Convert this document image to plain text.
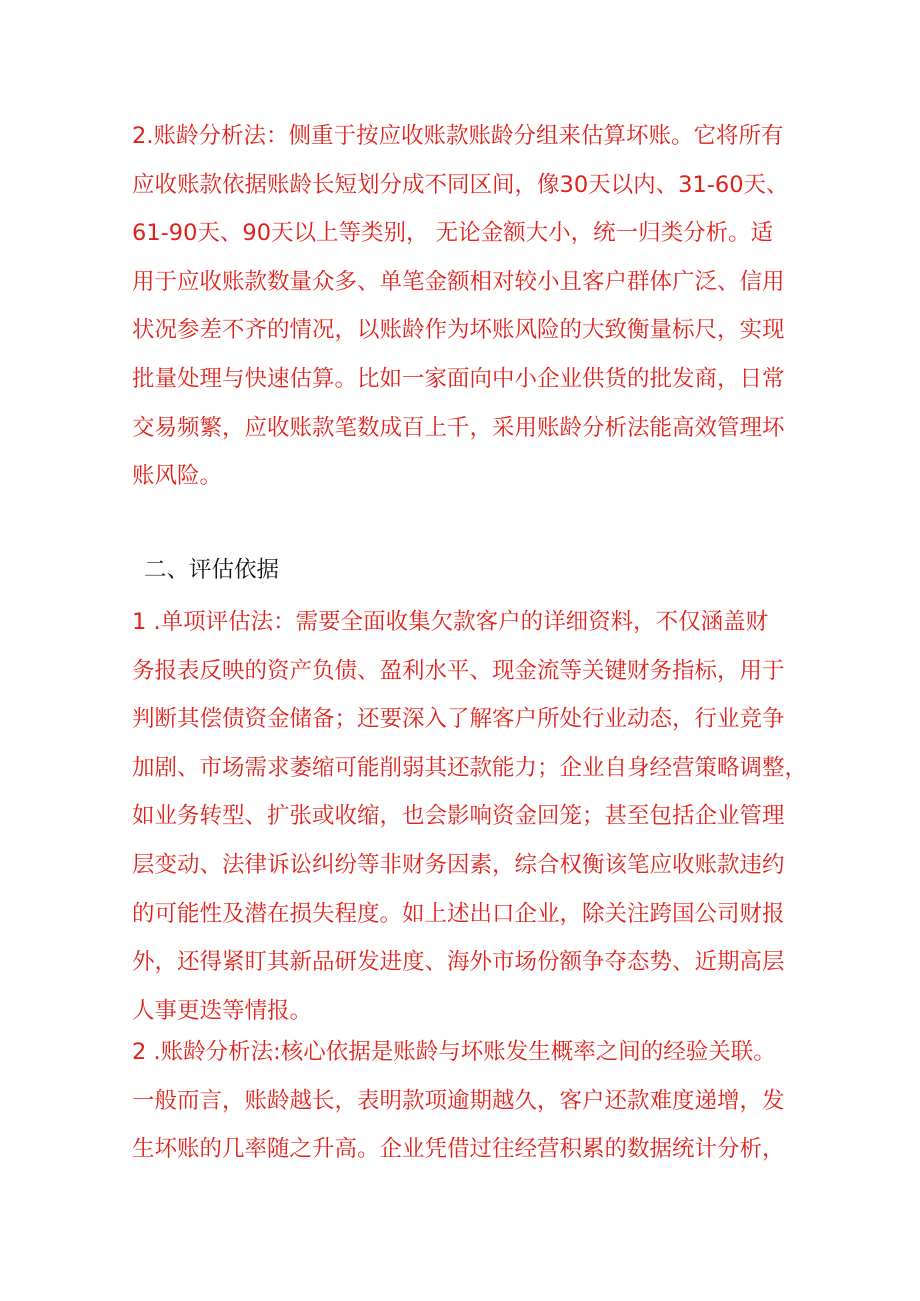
2.账龄分析法：侧重于按应收账款账龄分组来估算坏账。它将所有
应收账款依据账龄长短划分成不同区间，像30天以内、31-60天、
61-90天、90天以上等类别， 无论金额大小，统一归类分析。适
用于应收账款数量众多、单笔金额相对较小且客户群体广泛、信用
状况参差不齐的情况，以账龄作为坏账风险的大致衡量标尺，实现
批量处理与快速估算。比如一家面向中小企业供货的批发商，日常
交易频繁，应收账款笔数成百上千，采用账龄分析法能高效管理坏
账风险。
二、评估依据
1 .单项评估法：需要全面收集欠款客户的详细资料，不仅涵盖财
务报表反映的资产负债、盈利水平、现金流等关键财务指标，用于
判断其偿债资金储备；还要深入了解客户所处行业动态，行业竞争
加剧、市场需求萎缩可能削弱其还款能力；企业自身经营策略调整，
如业务转型、扩张或收缩，也会影响资金回笼；甚至包括企业管理
层变动、法律诉讼纠纷等非财务因素，综合权衡该笔应收账款违约
的可能性及潜在损失程度。如上述出口企业，除关注跨国公司财报
外，还得紧盯其新品研发进度、海外市场份额争夺态势、近期高层
人事更迭等情报。
2 .账龄分析法:核心依据是账龄与坏账发生概率之间的经验关联。
一般而言，账龄越长，表明款项逾期越久，客户还款难度递增，发
生坏账的几率随之升高。企业凭借过往经营积累的数据统计分析，
